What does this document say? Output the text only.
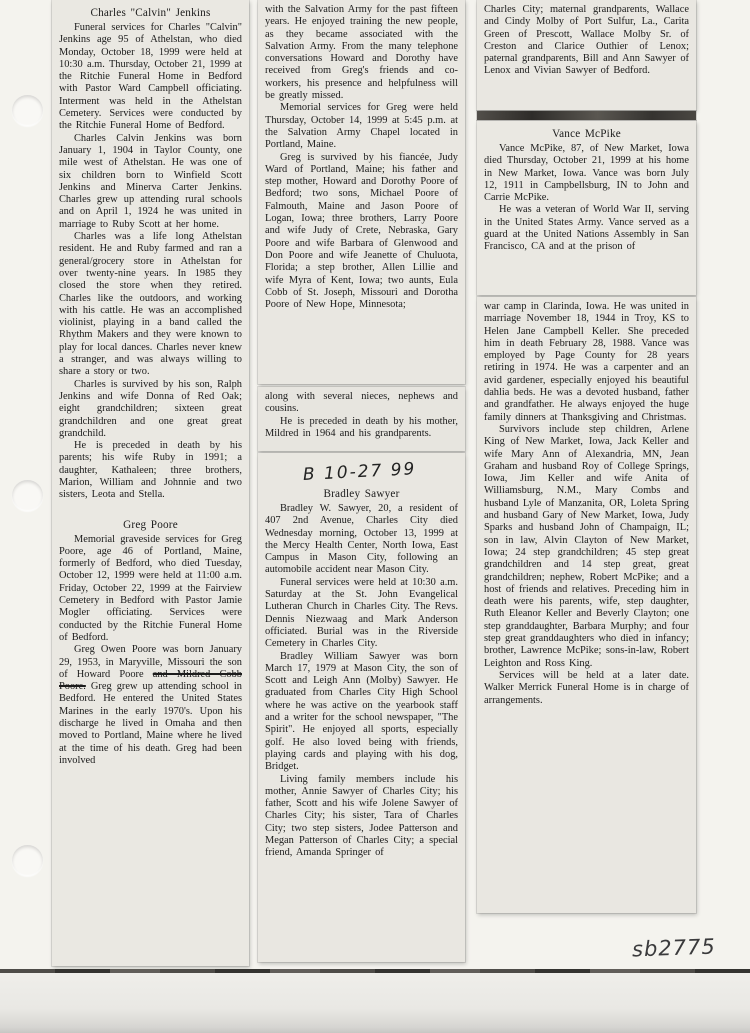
Charles "Calvin" Jenkins

Funeral services for Charles "Calvin" Jenkins age 95 of Athelstan, who died Monday, October 18, 1999 were held at 10:30 a.m. Thursday, October 21, 1999 at the Ritchie Funeral Home in Bedford with Pastor Ward Campbell officiating. Interment was held in the Athelstan Cemetery. Services were conducted by the Ritchie Funeral Home of Bedford.

Charles Calvin Jenkins was born January 1, 1904 in Taylor County, one mile west of Athelstan. He was one of six children born to Winfield Scott Jenkins and Minerva Carter Jenkins. Charles grew up attending rural schools and on April 1, 1924 he was united in marriage to Ruby Scott at her home.

Charles was a life long Athelstan resident. He and Ruby farmed and ran a general/grocery store in Athelstan for over twenty-nine years. In 1985 they closed the store when they retired. Charles like the outdoors, and working with his cattle. He was an accomplished violinist, playing in a band called the Rhythm Makers and they were known to play for local dances. Charles never knew a stranger, and was always willing to share a story or two.

Charles is survived by his son, Ralph Jenkins and wife Donna of Red Oak; eight grandchildren; sixteen great grandchildren and one great great grandchild.

He is preceded in death by his parents; his wife Ruby in 1991; a daughter, Kathaleen; three brothers, Marion, William and Johnnie and two sisters, Leota and Stella.

Greg Poore

Memorial graveside services for Greg Poore, age 46 of Portland, Maine, formerly of Bedford, who died Tuesday, October 12, 1999 were held at 11:00 a.m. Friday, October 22, 1999 at the Fairview Cemetery in Bedford with Pastor Jamie Mogler officiating. Services were conducted by the Ritchie Funeral Home of Bedford.

Greg Owen Poore was born January 29, 1953, in Maryville, Missouri the son of Howard Poore and Mildred Cobb Poore. Greg grew up attending school in Bedford. He entered the United States Marines in the early 1970's. Upon his discharge he lived in Omaha and then moved to Portland, Maine where he lived at the time of his death. Greg had been involved

with the Salvation Army for the past fifteen years. He enjoyed training the new people, as they became associated with the Salvation Army. From the many telephone conversations Howard and Dorothy have received from Greg's friends and co-workers, his presence and helpfulness will be greatly missed.

Memorial services for Greg were held Thursday, October 14, 1999 at 5:45 p.m. at the Salvation Army Chapel located in Portland, Maine.

Greg is survived by his fiancée, Judy Ward of Portland, Maine; his father and step mother, Howard and Dorothy Poore of Bedford; two sons, Michael Poore of Falmouth, Maine and Jason Poore of Logan, Iowa; three brothers, Larry Poore and wife Judy of Crete, Nebraska, Gary Poore and wife Barbara of Glenwood and Don Poore and wife Jeanette of Chuluota, Florida; a step brother, Allen Lillie and wife Myra of Kent, Iowa; two aunts, Eula Cobb of St. Joseph, Missouri and Dorotha Poore of New Hope, Minnesota;

along with several nieces, nephews and cousins.

He is preceded in death by his mother, Mildred in 1964 and his grandparents.

B 10-27 99

Bradley Sawyer

Bradley W. Sawyer, 20, a resident of 407 2nd Avenue, Charles City died Wednesday morning, October 13, 1999 at the Mercy Health Center, North Iowa, East Campus in Mason City, following an automobile accident near Mason City.

Funeral services were held at 10:30 a.m. Saturday at the St. John Evangelical Lutheran Church in Charles City. The Revs. Dennis Niezwaag and Mark Anderson officiated. Burial was in the Riverside Cemetery in Charles City.

Bradley William Sawyer was born March 17, 1979 at Mason City, the son of Scott and Leigh Ann (Molby) Sawyer. He graduated from Charles City High School where he was active on the yearbook staff and a writer for the school newspaper, "The Spirit". He enjoyed all sports, especially golf. He also loved being with friends, playing cards and playing with his dog, Bridget.

Living family members include his mother, Annie Sawyer of Charles City; his father, Scott and his wife Jolene Sawyer of Charles City; his sister, Tara of Charles City; two step sisters, Jodee Patterson and Megan Patterson of Charles City; a special friend, Amanda Springer of

Charles City; maternal grandparents, Wallace and Cindy Molby of Port Sulfur, La., Carita Green of Prescott, Wallace Molby Sr. of Creston and Clarice Outhier of Lenox; paternal grandparents, Bill and Ann Sawyer of Lenox and Vivian Sawyer of Bedford.

Vance McPike

Vance McPike, 87, of New Market, Iowa died Thursday, October 21, 1999 at his home in New Market, Iowa. Vance was born July 12, 1911 in Campbellsburg, IN to John and Carrie McPike.

He was a veteran of World War II, serving in the United States Army. Vance served as a guard at the United Nations Assembly in San Francisco, CA and at the prison of

war camp in Clarinda, Iowa. He was united in marriage November 18, 1944 in Troy, KS to Helen Jane Campbell Keller. She preceded him in death February 28, 1988. Vance was employed by Page County for 28 years retiring in 1974. He was a carpenter and an avid gardener, especially enjoyed his beautiful dahlia beds. He was a devoted husband, father and grandfather. He always enjoyed the huge family dinners at Thanksgiving and Christmas.

Survivors include step children, Arlene King of New Market, Iowa, Jack Keller and wife Mary Ann of Alexandria, MN, Jean Graham and husband Roy of College Springs, Iowa, Jim Keller and wife Anita of Williamsburg, N.M., Mary Combs and husband Lyle of Manzanita, OR, Loleta Spring and husband Gary of New Market, Iowa, Judy Sparks and husband John of Champaign, IL; son in law, Alvin Clayton of New Market, Iowa; 24 step grandchildren; 45 step great grandchildren and 14 step great, great grandchildren; nephew, Robert McPike; and a host of friends and relatives. Preceding him in death were his parents, wife, step daughter, Ruth Eleanor Keller and Beverly Clayton; one step granddaughter, Barbara Murphy; and four step great granddaughters who died in infancy; brother, Lawrence McPike; sons-in-law, Robert Leighton and Ross King.

Services will be held at a later date. Walker Merrick Funeral Home is in charge of arrangements.

sb2775
